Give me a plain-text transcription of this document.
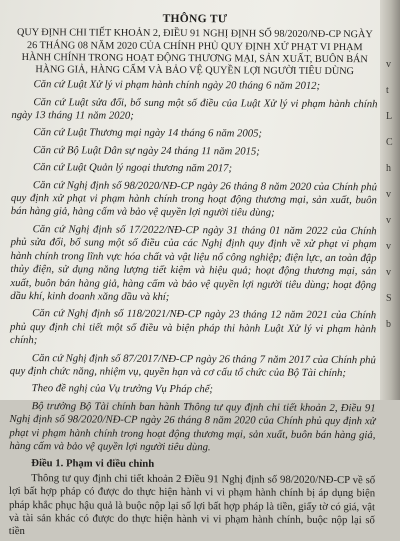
THÔNG TƯ
QUY ĐỊNH CHI TIẾT KHOẢN 2, ĐIỀU 91 NGHỊ ĐỊNH SỐ 98/2020/NĐ-CP NGÀY 26 THÁNG 08 NĂM 2020 CỦA CHÍNH PHỦ QUY ĐỊNH XỬ PHẠT VI PHẠM HÀNH CHÍNH TRONG HOẠT ĐỘNG THƯƠNG MẠI, SẢN XUẤT, BUÔN BÁN HÀNG GIẢ, HÀNG CẤM VÀ BẢO VỆ QUYỀN LỢI NGƯỜI TIÊU DÙNG

Căn cứ Luật Xử lý vi phạm hành chính ngày 20 tháng 6 năm 2012;

Căn cứ Luật sửa đổi, bổ sung một số điều của Luật Xử lý vi phạm hành chính ngày 13 tháng 11 năm 2020;

Căn cứ Luật Thương mại ngày 14 tháng 6 năm 2005;

Căn cứ Bộ Luật Dân sự ngày 24 tháng 11 năm 2015;

Căn cứ Luật Quản lý ngoại thương năm 2017;

Căn cứ Nghị định số 98/2020/NĐ-CP ngày 26 tháng 8 năm 2020 của Chính phủ quy định xử phạt vi phạm hành chính trong hoạt động thương mại, sản xuất, buôn bán hàng giả, hàng cấm và bảo vệ quyền lợi người tiêu dùng;

Căn cứ Nghị định số 17/2022/NĐ-CP ngày 31 tháng 01 năm 2022 của Chính phủ sửa đổi, bổ sung một số điều của các Nghị định quy định về xử phạt vi phạm hành chính trong lĩnh vực hóa chất và vật liệu nổ công nghiệp; điện lực, an toàn đập thủy điện, sử dụng năng lượng tiết kiệm và hiệu quả; hoạt động thương mại, sản xuất, buôn bán hàng giả, hàng cấm và bảo vệ quyền lợi người tiêu dùng; hoạt động dầu khí, kinh doanh xăng dầu và khí;

Căn cứ Nghị định số 118/2021/NĐ-CP ngày 23 tháng 12 năm 2021 của Chính phủ quy định chi tiết một số điều và biện pháp thi hành Luật Xử lý vi phạm hành chính;

Căn cứ Nghị định số 87/2017/NĐ-CP ngày 26 tháng 7 năm 2017 của Chính phủ quy định chức năng, nhiệm vụ, quyền hạn và cơ cấu tổ chức của Bộ Tài chính;

Theo đề nghị của Vụ trưởng Vụ Pháp chế;

Bộ trưởng Bộ Tài chính ban hành Thông tư quy định chi tiết khoản 2, Điều 91 Nghị định số 98/2020/NĐ-CP ngày 26 tháng 8 năm 2020 của Chính phủ quy định xử phạt vi phạm hành chính trong hoạt động thương mại, sản xuất, buôn bán hàng giả, hàng cấm và bảo vệ quyền lợi người tiêu dùng.

Điều 1. Phạm vi điều chỉnh

Thông tư quy định chi tiết khoản 2 Điều 91 Nghị định số 98/2020/NĐ-CP về số lợi bất hợp pháp có được do thực hiện hành vi vi phạm hành chính bị áp dụng biện pháp khắc phục hậu quả là buộc nộp lại số lợi bất hợp pháp là tiền, giấy tờ có giá, vật và tài sản khác có được do thực hiện hành vi vi phạm hành chính, buộc nộp lại số tiền

v
t
L
C
h
v
v
v
v
S
b
